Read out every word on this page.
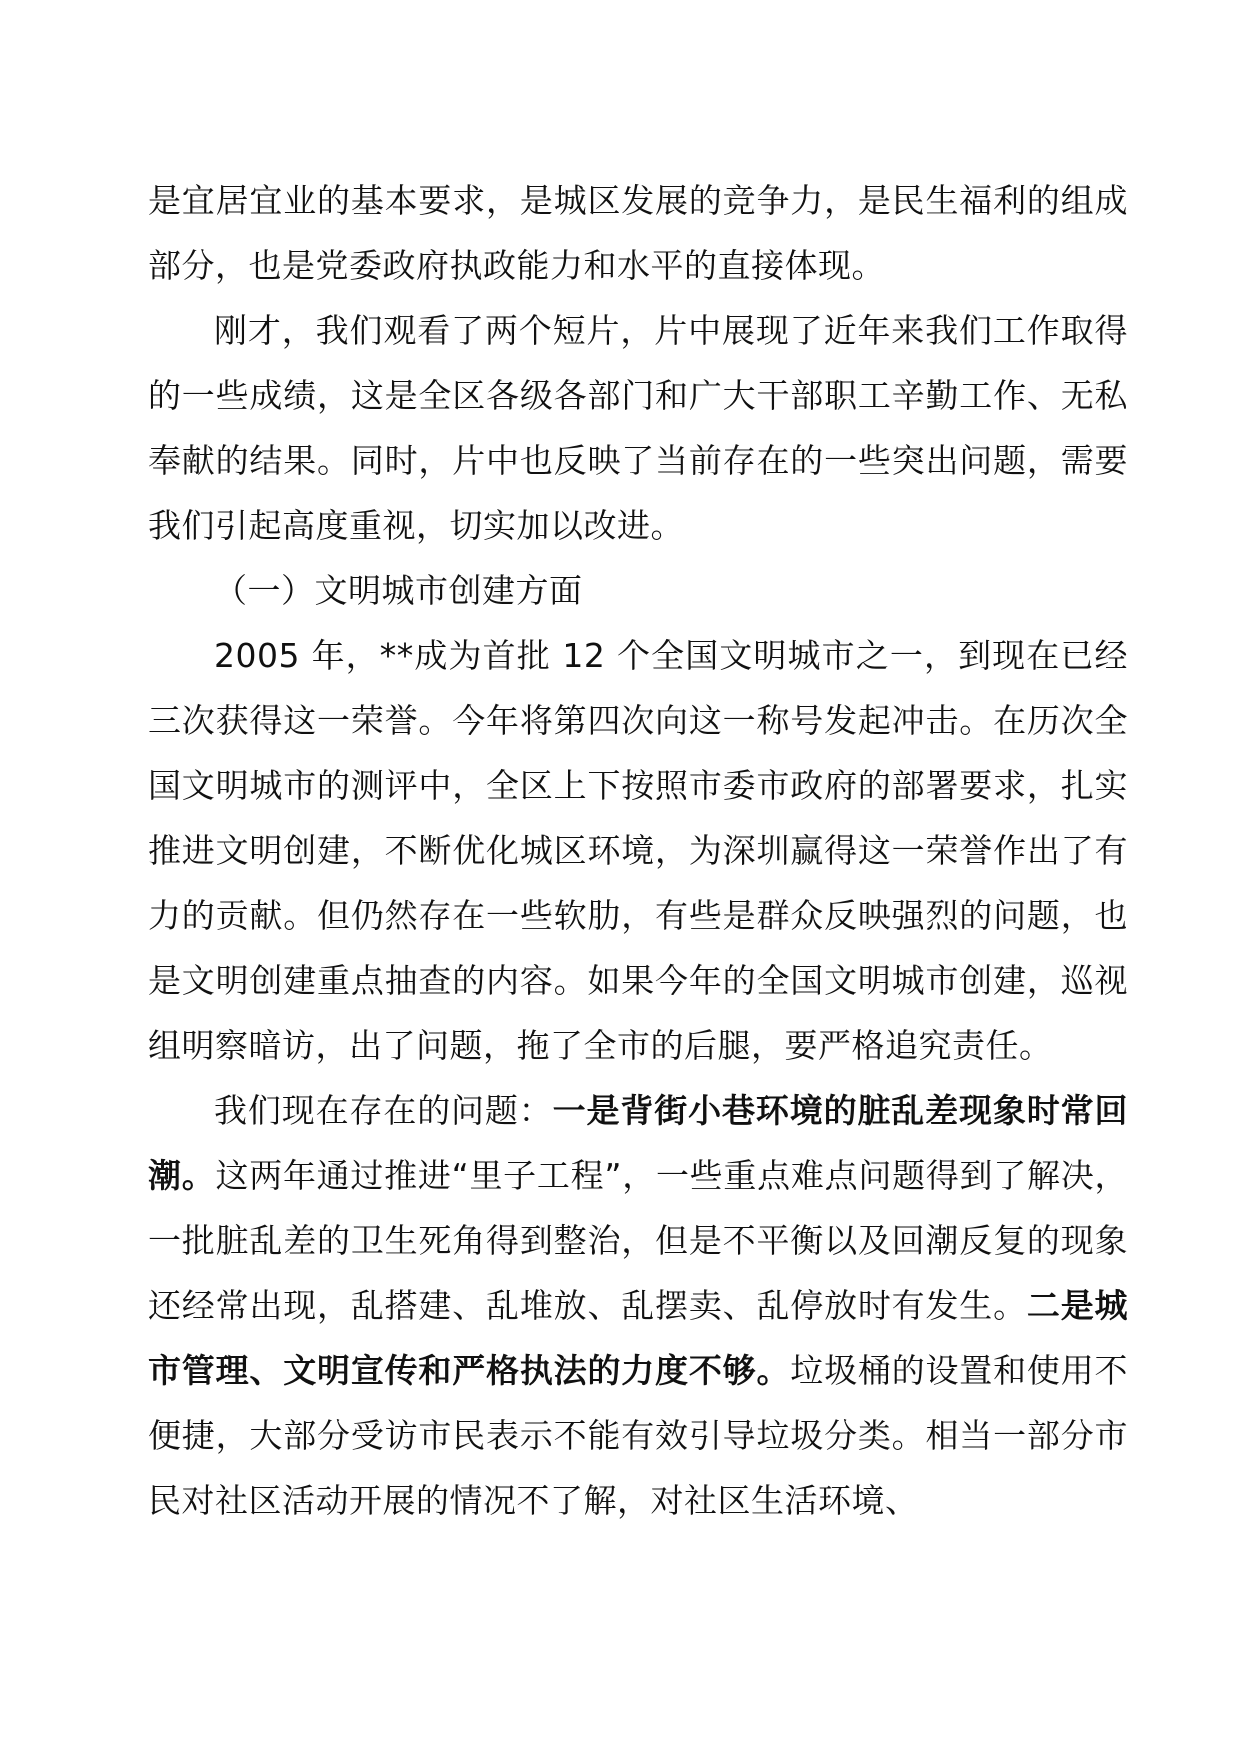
是宜居宜业的基本要求，是城区发展的竞争力，是民生福利的组成部分，也是党委政府执政能力和水平的直接体现。

刚才，我们观看了两个短片，片中展现了近年来我们工作取得的一些成绩，这是全区各级各部门和广大干部职工辛勤工作、无私奉献的结果。同时，片中也反映了当前存在的一些突出问题，需要我们引起高度重视，切实加以改进。

（一）文明城市创建方面

2005 年，**成为首批 12 个全国文明城市之一，到现在已经三次获得这一荣誉。今年将第四次向这一称号发起冲击。在历次全国文明城市的测评中，全区上下按照市委市政府的部署要求，扎实推进文明创建，不断优化城区环境，为深圳赢得这一荣誉作出了有力的贡献。但仍然存在一些软肋，有些是群众反映强烈的问题，也是文明创建重点抽查的内容。如果今年的全国文明城市创建，巡视组明察暗访，出了问题，拖了全市的后腿，要严格追究责任。

我们现在存在的问题：一是背街小巷环境的脏乱差现象时常回潮。这两年通过推进“里子工程”，一些重点难点问题得到了解决，一批脏乱差的卫生死角得到整治，但是不平衡以及回潮反复的现象还经常出现，乱搭建、乱堆放、乱摆卖、乱停放时有发生。二是城市管理、文明宣传和严格执法的力度不够。垃圾桶的设置和使用不便捷，大部分受访市民表示不能有效引导垃圾分类。相当一部分市民对社区活动开展的情况不了解，对社区生活环境、
